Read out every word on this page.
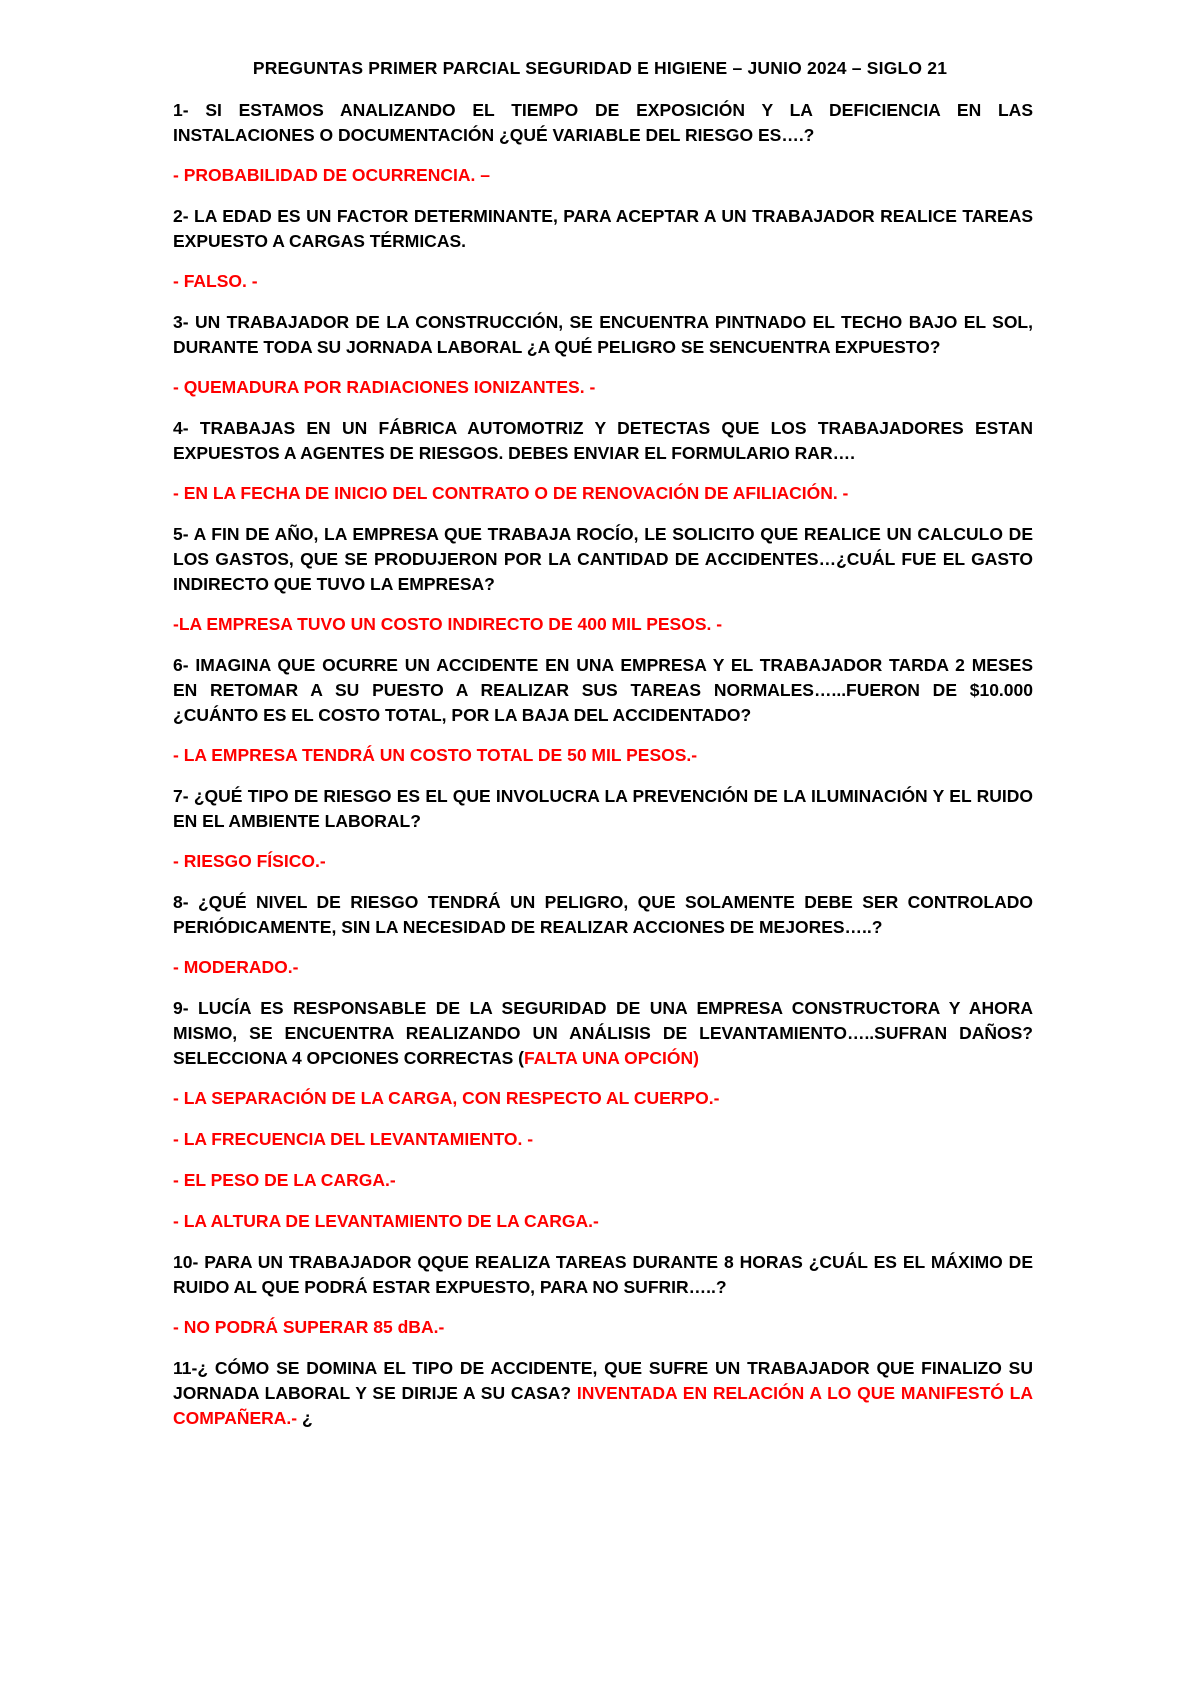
PREGUNTAS PRIMER PARCIAL SEGURIDAD E HIGIENE – JUNIO 2024 – SIGLO 21

1- SI ESTAMOS ANALIZANDO EL TIEMPO DE EXPOSICIÓN Y LA DEFICIENCIA EN LAS INSTALACIONES O DOCUMENTACIÓN ¿QUÉ VARIABLE DEL RIESGO ES….?

- PROBABILIDAD DE OCURRENCIA. –

2- LA EDAD ES UN FACTOR DETERMINANTE, PARA ACEPTAR A UN TRABAJADOR REALICE TAREAS EXPUESTO A CARGAS TÉRMICAS.

- FALSO. -

3- UN TRABAJADOR DE LA CONSTRUCCIÓN, SE ENCUENTRA PINTNADO EL TECHO BAJO EL SOL, DURANTE TODA SU JORNADA LABORAL ¿A QUÉ PELIGRO SE SENCUENTRA EXPUESTO?

- QUEMADURA POR RADIACIONES IONIZANTES. -

4- TRABAJAS EN UN FÁBRICA AUTOMOTRIZ Y DETECTAS QUE LOS TRABAJADORES ESTAN EXPUESTOS A AGENTES DE RIESGOS. DEBES ENVIAR EL FORMULARIO RAR….

- EN LA FECHA DE INICIO DEL CONTRATO O DE RENOVACIÓN DE AFILIACIÓN. -

5- A FIN DE AÑO, LA EMPRESA QUE TRABAJA ROCÍO, LE SOLICITO QUE REALICE UN CALCULO DE LOS GASTOS, QUE SE PRODUJERON POR LA CANTIDAD DE ACCIDENTES…¿CUÁL FUE EL GASTO INDIRECTO QUE TUVO LA EMPRESA?

-LA EMPRESA TUVO UN COSTO INDIRECTO DE 400 MIL PESOS. -

6- IMAGINA QUE OCURRE UN ACCIDENTE EN UNA EMPRESA Y EL TRABAJADOR TARDA 2 MESES EN RETOMAR A SU PUESTO A REALIZAR SUS TAREAS NORMALES…...FUERON DE $10.000 ¿CUÁNTO ES EL COSTO TOTAL, POR LA BAJA DEL ACCIDENTADO?

- LA EMPRESA TENDRÁ UN COSTO TOTAL DE 50 MIL PESOS.-

7- ¿QUÉ TIPO DE RIESGO ES EL QUE INVOLUCRA LA PREVENCIÓN DE LA ILUMINACIÓN Y EL RUIDO EN EL AMBIENTE LABORAL?

- RIESGO FÍSICO.-

8- ¿QUÉ NIVEL DE RIESGO TENDRÁ UN PELIGRO, QUE SOLAMENTE DEBE SER CONTROLADO PERIÓDICAMENTE, SIN LA NECESIDAD DE REALIZAR ACCIONES DE MEJORES…..?

- MODERADO.-

9- LUCÍA ES RESPONSABLE DE LA SEGURIDAD DE UNA EMPRESA CONSTRUCTORA Y AHORA MISMO, SE ENCUENTRA REALIZANDO UN ANÁLISIS DE LEVANTAMIENTO…..SUFRAN DAÑOS? SELECCIONA 4 OPCIONES CORRECTAS (FALTA UNA OPCIÓN)

- LA SEPARACIÓN DE LA CARGA, CON RESPECTO AL CUERPO.-

- LA FRECUENCIA DEL LEVANTAMIENTO. -

- EL PESO DE LA CARGA.-

- LA ALTURA DE LEVANTAMIENTO DE LA CARGA.-

10- PARA UN TRABAJADOR QQUE REALIZA TAREAS DURANTE 8 HORAS ¿CUÁL ES EL MÁXIMO DE RUIDO AL QUE PODRÁ ESTAR EXPUESTO, PARA NO SUFRIR…..?

- NO PODRÁ SUPERAR 85 dBA.-

11-¿ CÓMO SE DOMINA EL TIPO DE ACCIDENTE, QUE SUFRE UN TRABAJADOR QUE FINALIZO SU JORNADA LABORAL Y SE DIRIJE A SU CASA? INVENTADA EN RELACIÓN A LO QUE MANIFESTÓ LA COMPAÑERA.- ¿
